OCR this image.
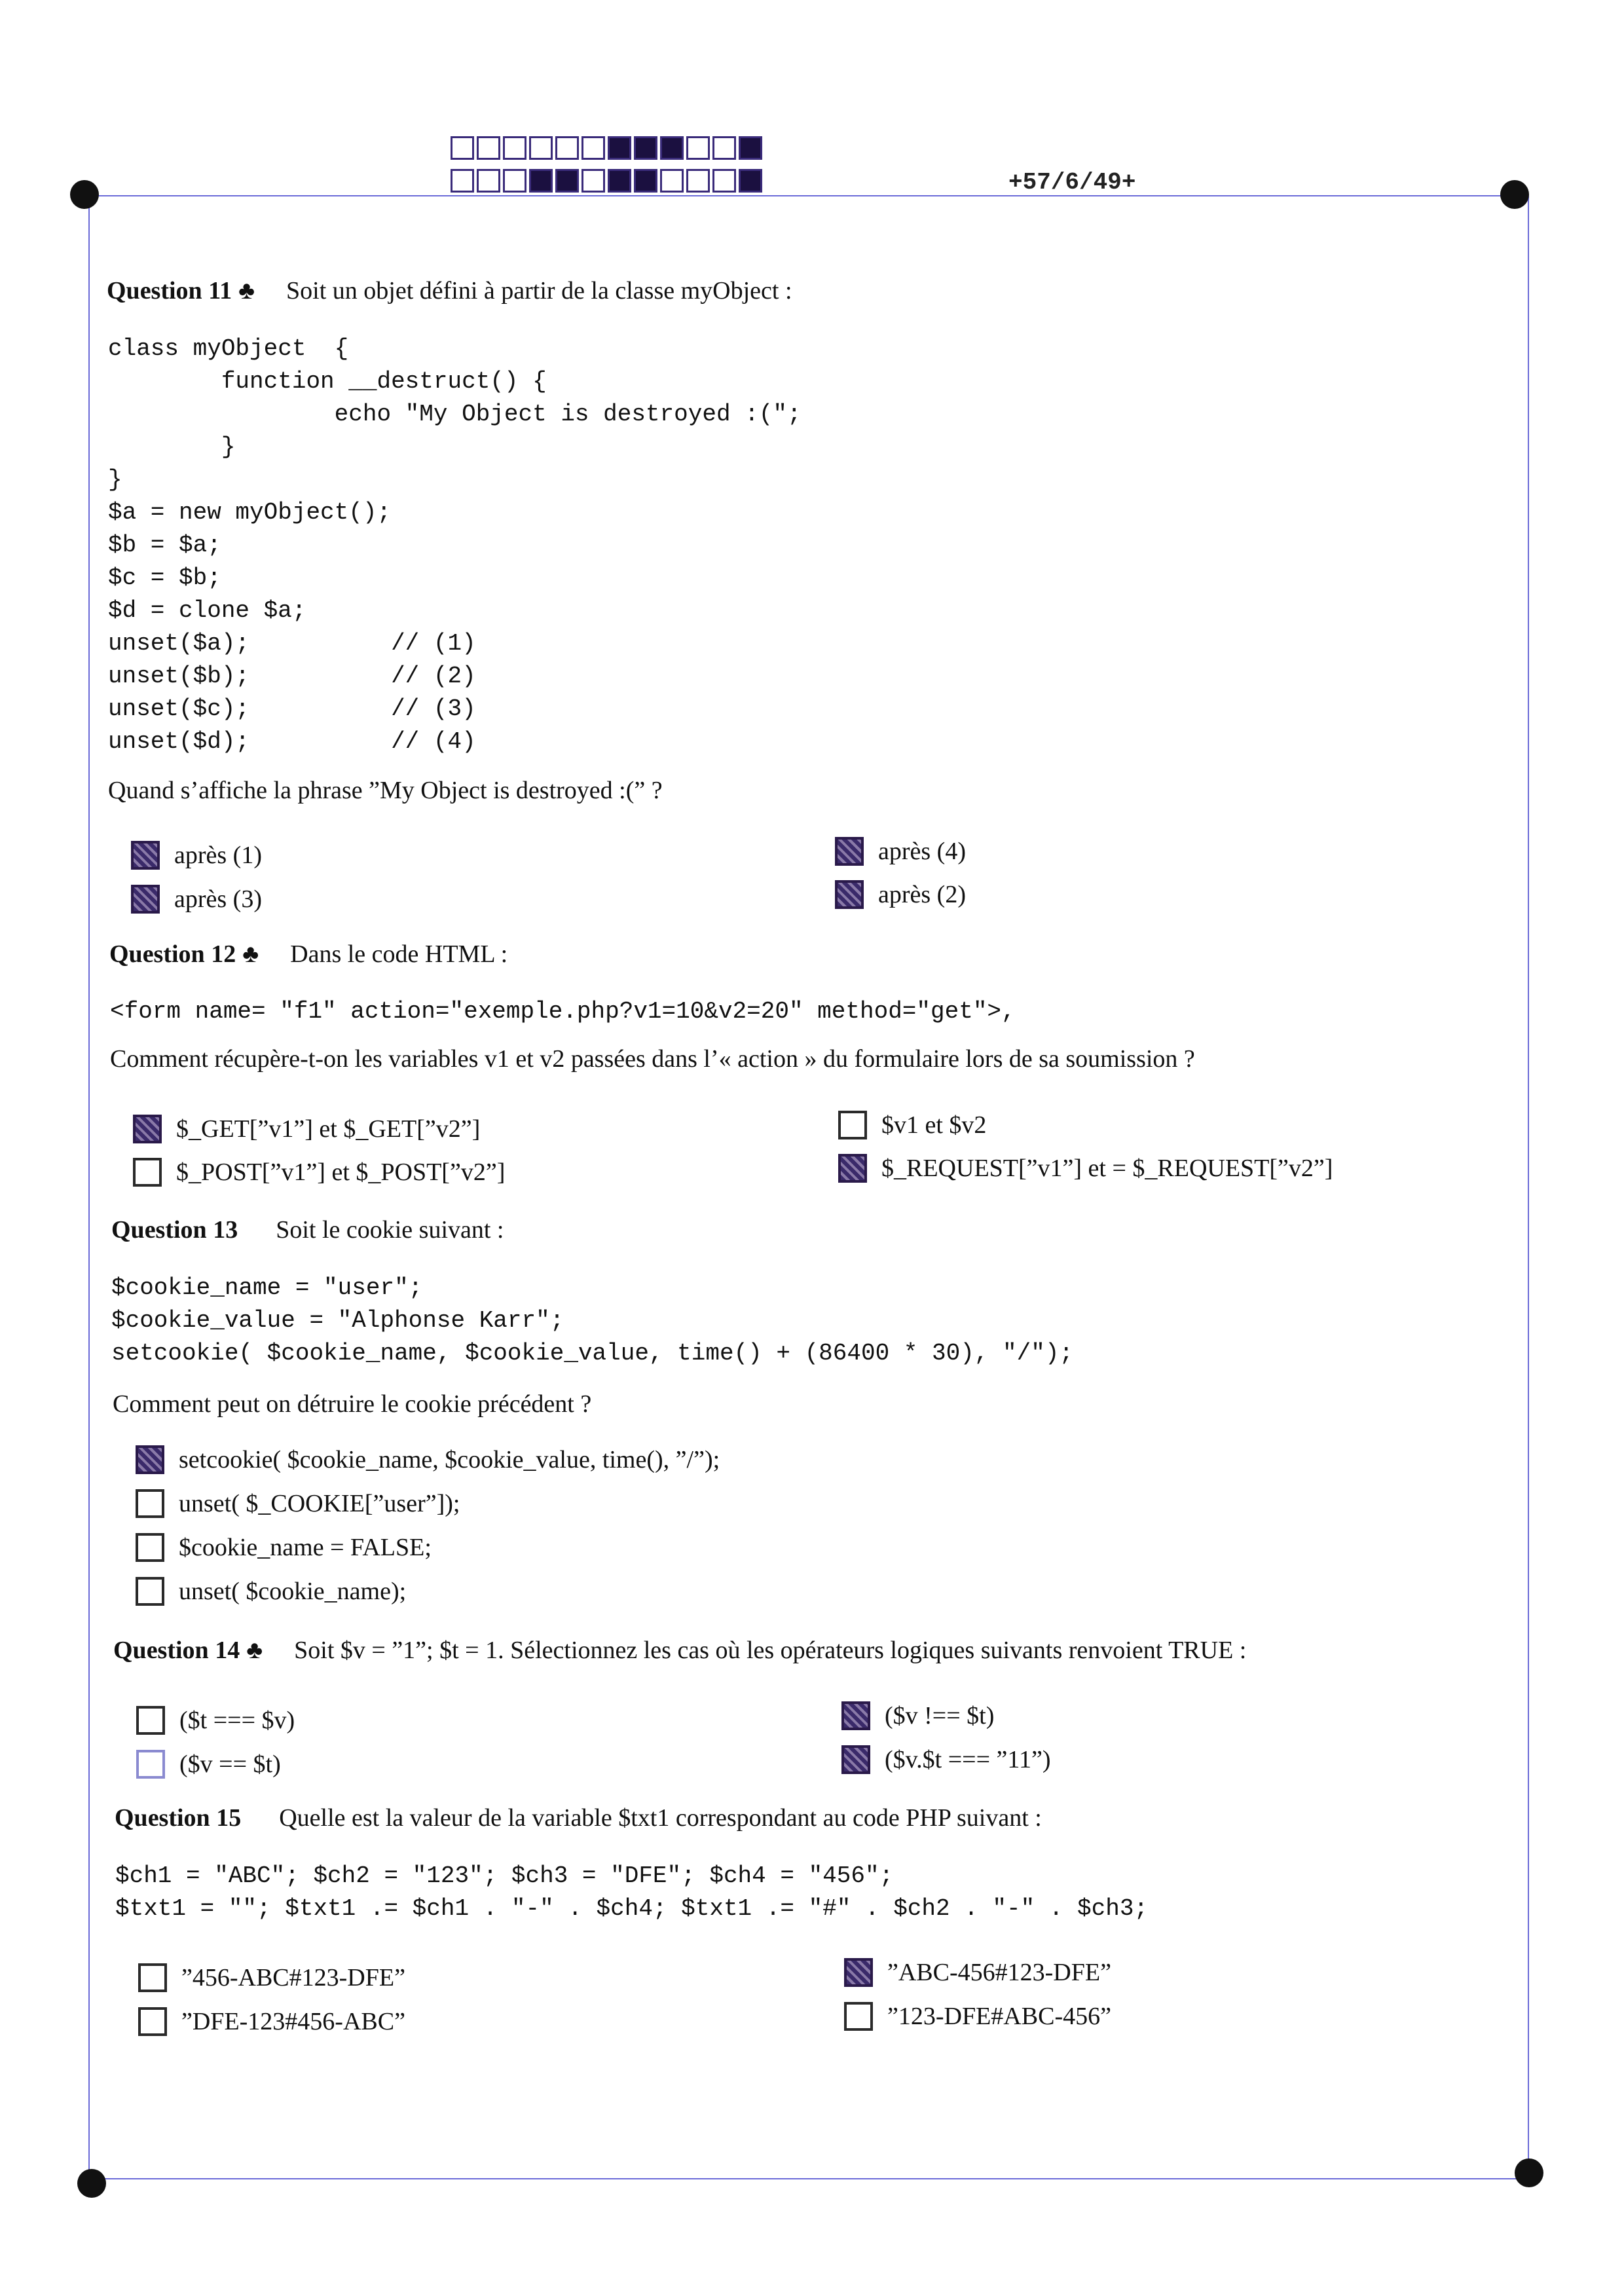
+57/6/49+
Question 11 ♣ Soit un objet défini à partir de la classe myObject :
class myObject  {
function __destruct() {
echo "My Object is destroyed :(";
}
}
$a = new myObject();
$b = $a;
$c = $b;
$d = clone $a;
unset($a);          // (1)
unset($b);          // (2)
unset($c);          // (3)
unset($d);          // (4)
Quand s’affiche la phrase ”My Object is destroyed :(” ?
après (1)
après (3)
après (4)
après (2)
Question 12 ♣ Dans le code HTML :
<form name= "f1" action="exemple.php?v1=10&v2=20" method="get">,
Comment récupère-t-on les variables v1 et v2 passées dans l’« action » du formulaire lors de sa soumission ?
$_GET[”v1”] et $_GET[”v2”]
$_POST[”v1”] et $_POST[”v2”]
$v1 et $v2
$_REQUEST[”v1”] et = $_REQUEST[”v2”]
Question 13 Soit le cookie suivant :
$cookie_name = "user";
$cookie_value = "Alphonse Karr";
setcookie( $cookie_name, $cookie_value, time() + (86400 * 30), "/");
Comment peut on détruire le cookie précédent ?
setcookie( $cookie_name, $cookie_value, time(), ”/”);
unset( $_COOKIE[”user”]);
$cookie_name = FALSE;
unset( $cookie_name);
Question 14 ♣ Soit $v = ”1”; $t = 1. Sélectionnez les cas où les opérateurs logiques suivants renvoient TRUE :
($t === $v)
($v == $t)
($v !== $t)
($v.$t === ”11”)
Question 15 Quelle est la valeur de la variable $txt1 correspondant au code PHP suivant :
$ch1 = "ABC"; $ch2 = "123"; $ch3 = "DFE"; $ch4 = "456";
$txt1 = ""; $txt1 .= $ch1 . "-" . $ch4; $txt1 .= "#" . $ch2 . "-" . $ch3;
”456-ABC#123-DFE”
”DFE-123#456-ABC”
”ABC-456#123-DFE”
”123-DFE#ABC-456”
